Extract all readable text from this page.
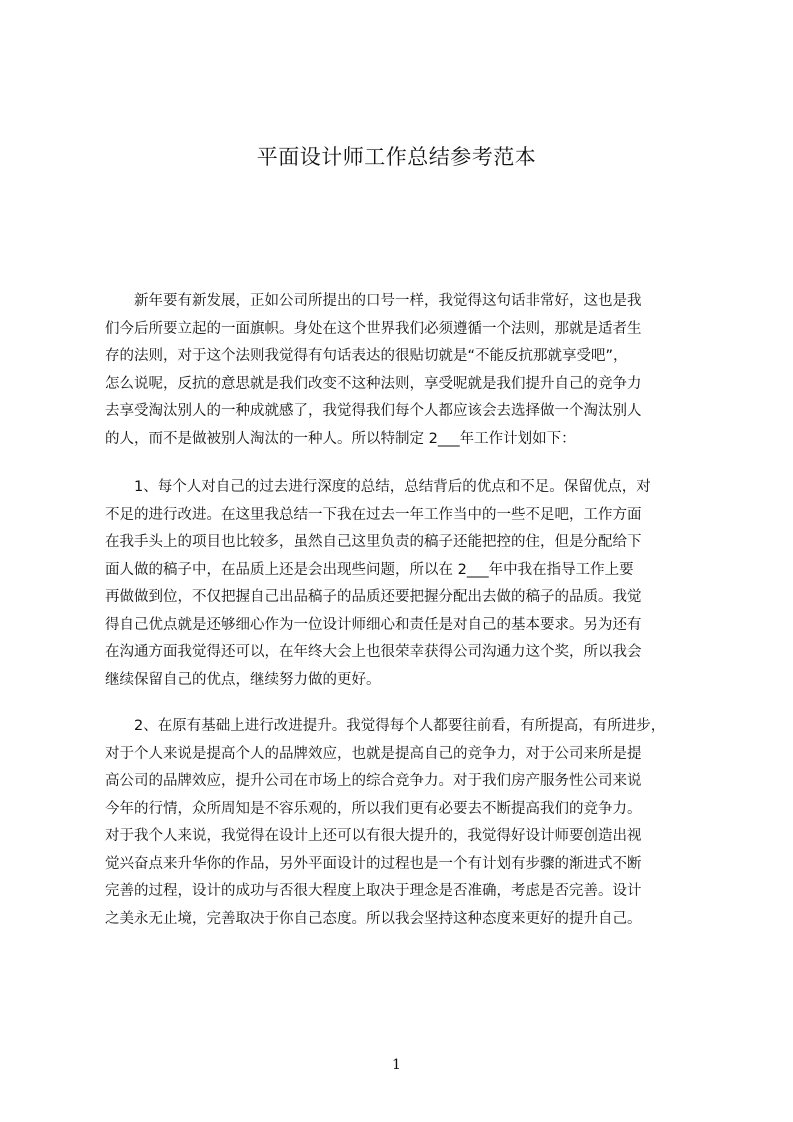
平面设计师工作总结参考范本
　　新年要有新发展，正如公司所提出的口号一样，我觉得这句话非常好，这也是我
们今后所要立起的一面旗帜。身处在这个世界我们必须遵循一个法则，那就是适者生
存的法则，对于这个法则我觉得有句话表达的很贴切就是“不能反抗那就享受吧”，
怎么说呢，反抗的意思就是我们改变不这种法则，享受呢就是我们提升自己的竞争力
去享受淘汰别人的一种成就感了，我觉得我们每个人都应该会去选择做一个淘汰别人
的人，而不是做被别人淘汰的一种人。所以特制定 2___年工作计划如下：
　　1、每个人对自己的过去进行深度的总结，总结背后的优点和不足。保留优点，对
不足的进行改进。在这里我总结一下我在过去一年工作当中的一些不足吧，工作方面
在我手头上的项目也比较多，虽然自己这里负责的稿子还能把控的住，但是分配给下
面人做的稿子中，在品质上还是会出现些问题，所以在 2___年中我在指导工作上要
再做做到位，不仅把握自己出品稿子的品质还要把握分配出去做的稿子的品质。我觉
得自己优点就是还够细心作为一位设计师细心和责任是对自己的基本要求。另为还有
在沟通方面我觉得还可以，在年终大会上也很荣幸获得公司沟通力这个奖，所以我会
继续保留自己的优点，继续努力做的更好。
　　2、在原有基础上进行改进提升。我觉得每个人都要往前看，有所提高，有所进步，
对于个人来说是提高个人的品牌效应，也就是提高自己的竞争力，对于公司来所是提
高公司的品牌效应，提升公司在市场上的综合竞争力。对于我们房产服务性公司来说
今年的行情，众所周知是不容乐观的，所以我们更有必要去不断提高我们的竞争力。
对于我个人来说，我觉得在设计上还可以有很大提升的，我觉得好设计师要创造出视
觉兴奋点来升华你的作品，另外平面设计的过程也是一个有计划有步骤的渐进式不断
完善的过程，设计的成功与否很大程度上取决于理念是否准确，考虑是否完善。设计
之美永无止境，完善取决于你自己态度。所以我会坚持这种态度来更好的提升自己。
1
